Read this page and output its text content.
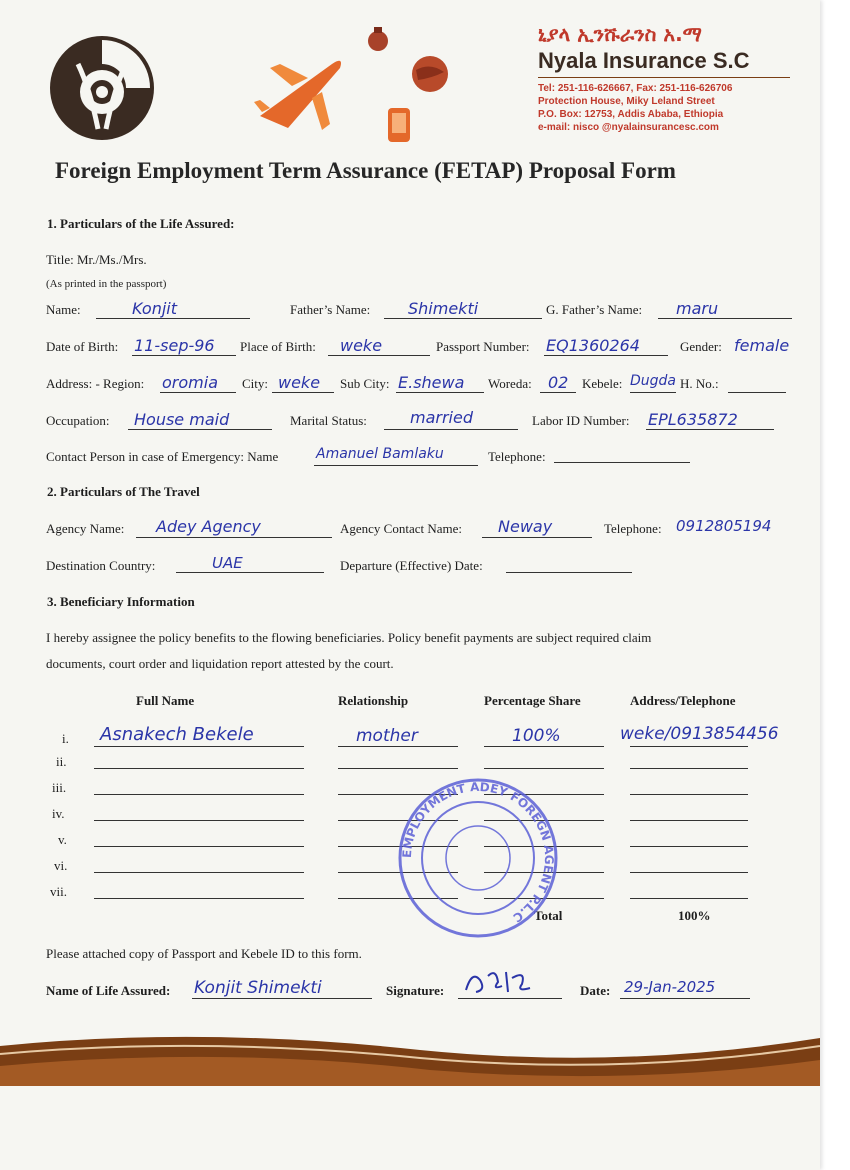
ኒያላ ኢንሹራንስ አ.ማ
Nyala Insurance S.C
Tel: 251-116-626667, Fax: 251-116-626706
Protection House, Miky Leland Street
P.O. Box: 12753, Addis Ababa, Ethiopia
e-mail: nisco @nyalainsurancesc.com
Foreign Employment Term Assurance (FETAP) Proposal Form
1. Particulars of the Life Assured:
Title: Mr./Ms./Mrs.
(As printed in the passport)
Name:	Konjit	Father’s Name: Shimekti	G. Father’s Name: maru
Date of Birth: 11-sep-96 Place of Birth: weke	Passport Number: EQ1360264	Gender: female
Address: - Region: oromia City: weke Sub City: E.shewa Woreda: 02 Kebele: Dugda H. No.:
Occupation: House maid	Marital Status:	married	Labor ID Number: EPL635872
Contact Person in case of Emergency: Name	Amanuel Bamlaku	Telephone:
2. Particulars of The Travel
Agency Name: Adey Agency	Agency Contact Name: Neway	Telephone: 0912805194
Destination Country:	UAE	Departure (Effective) Date:
3. Beneficiary Information
I hereby assignee the policy benefits to the flowing beneficiaries. Policy benefit payments are subject required claim
documents, court order and liquidation report attested by the court.
Full Name	Relationship	Percentage Share	Address/Telephone
i. Asnakech Bekele	mother	100%	weke/0913854456
ii.
iii.
iv.
v.
vi.
vii.
Total	100%
EMPLOYMENT ADEY FOREGN AGENT P.L.C
Please attached copy of Passport and Kebele ID to this form.
Name of Life Assured: Konjit Shimekti	Signature:	Date: 29-Jan-2025
